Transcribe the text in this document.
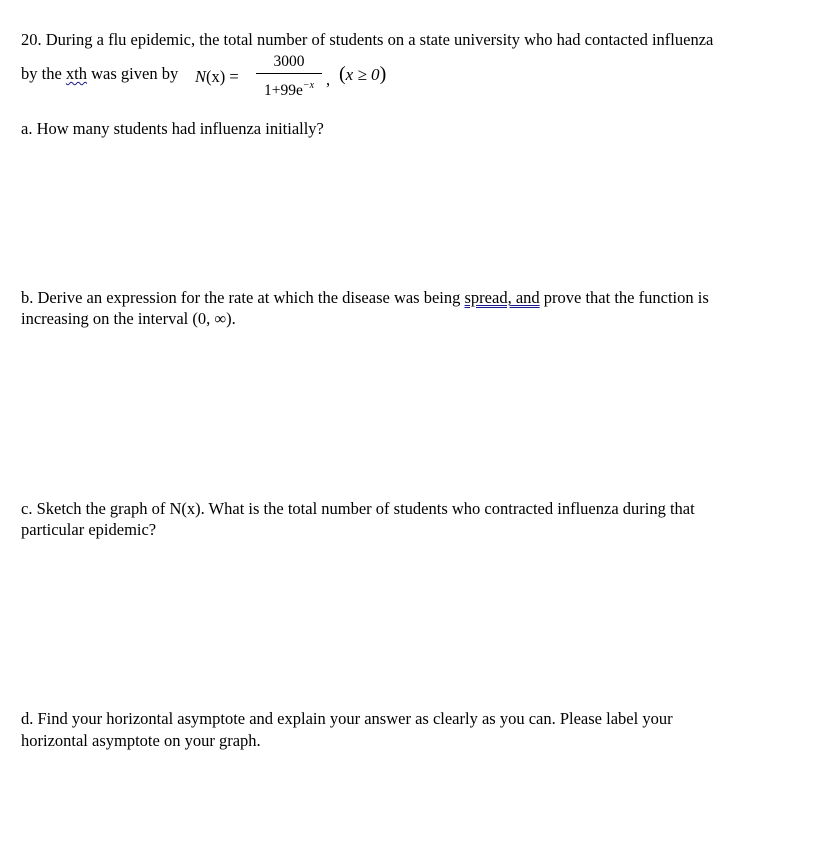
20. During a flu epidemic, the total number of students on a state university who had contacted influenza
by the xth was given by N(x) =
3000
$1+99e^{-x}$ , (x ≥ 0)
a. How many students had influenza initially?
b. Derive an expression for the rate at which the disease was being spread, and prove that the function is
increasing on the interval (0, ∞).
c. Sketch the graph of N(x). What is the total number of students who contracted influenza during that
particular epidemic?
d. Find your horizontal asymptote and explain your answer as clearly as you can. Please label your
horizontal asymptote on your graph.
